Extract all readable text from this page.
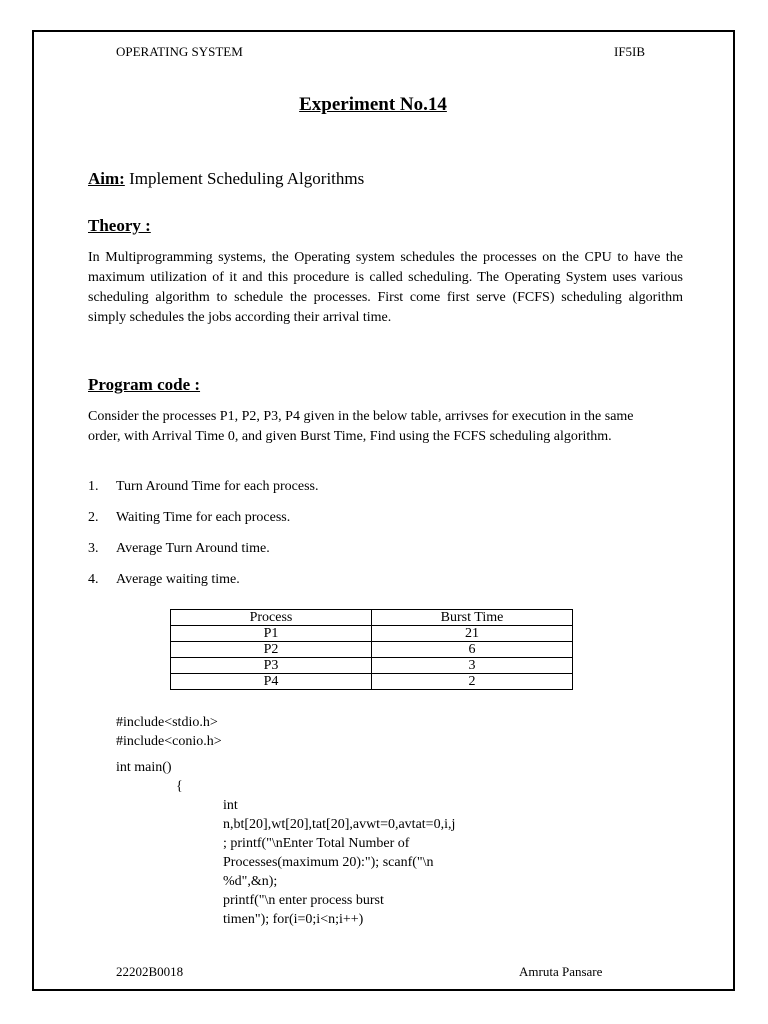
OPERATING SYSTEM	IF5IB
Experiment No.14
Aim: Implement Scheduling Algorithms
Theory :
In Multiprogramming systems, the Operating system schedules the processes on the CPU to have the maximum utilization of it and this procedure is called scheduling. The Operating System uses various scheduling algorithm to schedule the processes. First come first serve (FCFS) scheduling algorithm simply schedules the jobs according their arrival time.
Program code :
Consider the processes P1, P2, P3, P4 given in the below table, arrivses for execution in the same order, with Arrival Time 0, and given Burst Time, Find using the FCFS scheduling algorithm.
1. Turn Around Time for each process.
2. Waiting Time for each process.
3. Average Turn Around time.
4. Average waiting time.
Process	Burst Time
P1	21
P2	6
P3	3
P4	2
#include<stdio.h>
#include<conio.h>
int main()
{
int
n,bt[20],wt[20],tat[20],avwt=0,avtat=0,i,j
; printf("\nEnter Total Number of
Processes(maximum 20):"); scanf("\n
%d",&n);
printf("\n enter process burst
timen"); for(i=0;i<n;i++)
22202B0018	Amruta Pansare
